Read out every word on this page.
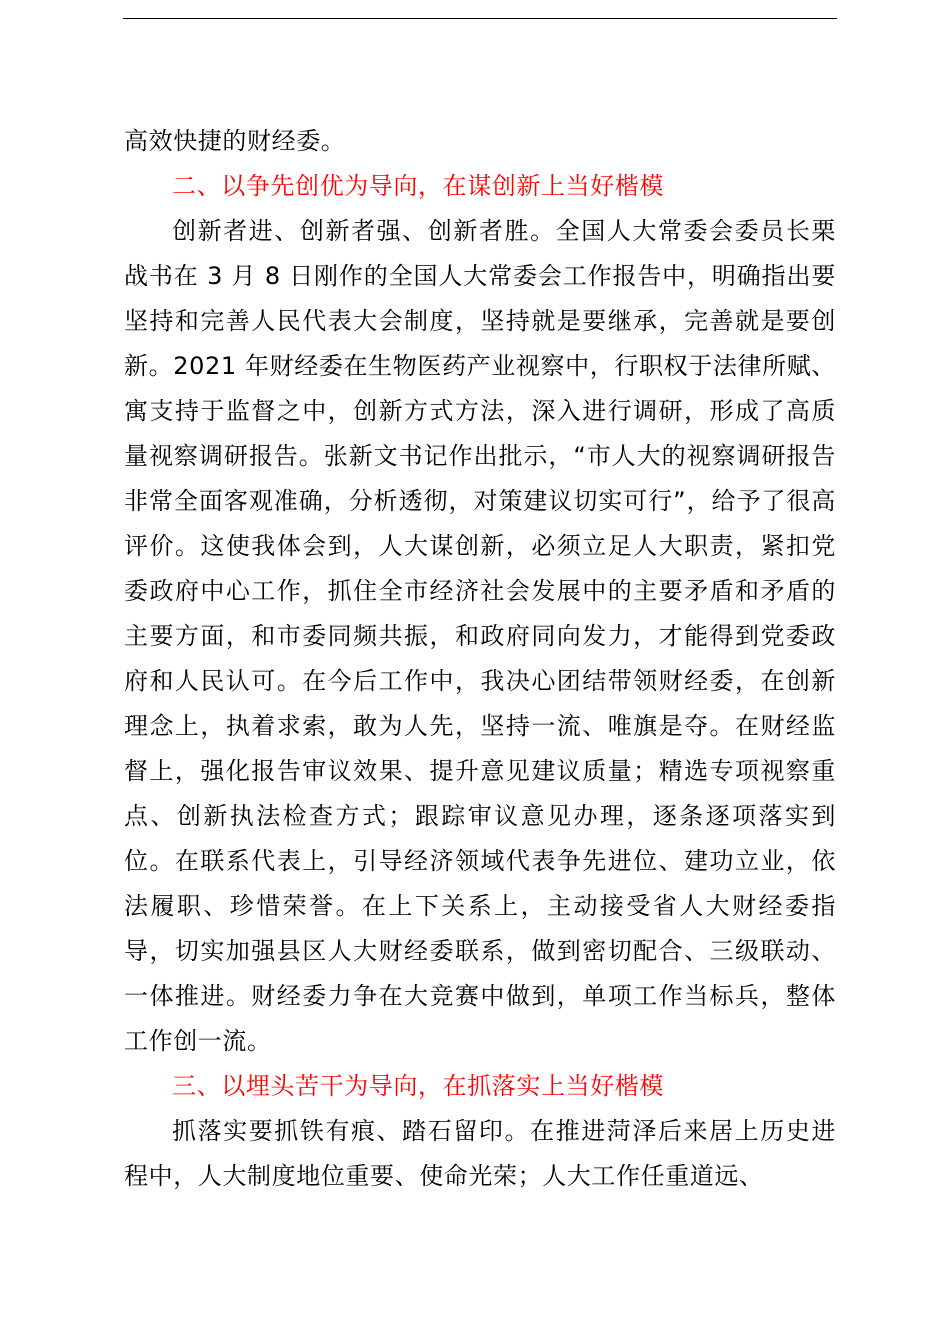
高效快捷的财经委。

二、以争先创优为导向，在谋创新上当好楷模

创新者进、创新者强、创新者胜。全国人大常委会委员长栗战书在 3 月 8 日刚作的全国人大常委会工作报告中，明确指出要坚持和完善人民代表大会制度，坚持就是要继承，完善就是要创新。2021 年财经委在生物医药产业视察中，行职权于法律所赋、寓支持于监督之中，创新方式方法，深入进行调研，形成了高质量视察调研报告。张新文书记作出批示，“市人大的视察调研报告非常全面客观准确，分析透彻，对策建议切实可行”，给予了很高评价。这使我体会到，人大谋创新，必须立足人大职责，紧扣党委政府中心工作，抓住全市经济社会发展中的主要矛盾和矛盾的主要方面，和市委同频共振，和政府同向发力，才能得到党委政府和人民认可。在今后工作中，我决心团结带领财经委，在创新理念上，执着求索，敢为人先，坚持一流、唯旗是夺。在财经监督上，强化报告审议效果、提升意见建议质量；精选专项视察重点、创新执法检查方式；跟踪审议意见办理，逐条逐项落实到位。在联系代表上，引导经济领域代表争先进位、建功立业，依法履职、珍惜荣誉。在上下关系上，主动接受省人大财经委指导，切实加强县区人大财经委联系，做到密切配合、三级联动、一体推进。财经委力争在大竞赛中做到，单项工作当标兵，整体工作创一流。

三、以埋头苦干为导向，在抓落实上当好楷模

抓落实要抓铁有痕、踏石留印。在推进菏泽后来居上历史进程中，人大制度地位重要、使命光荣；人大工作任重道远、
